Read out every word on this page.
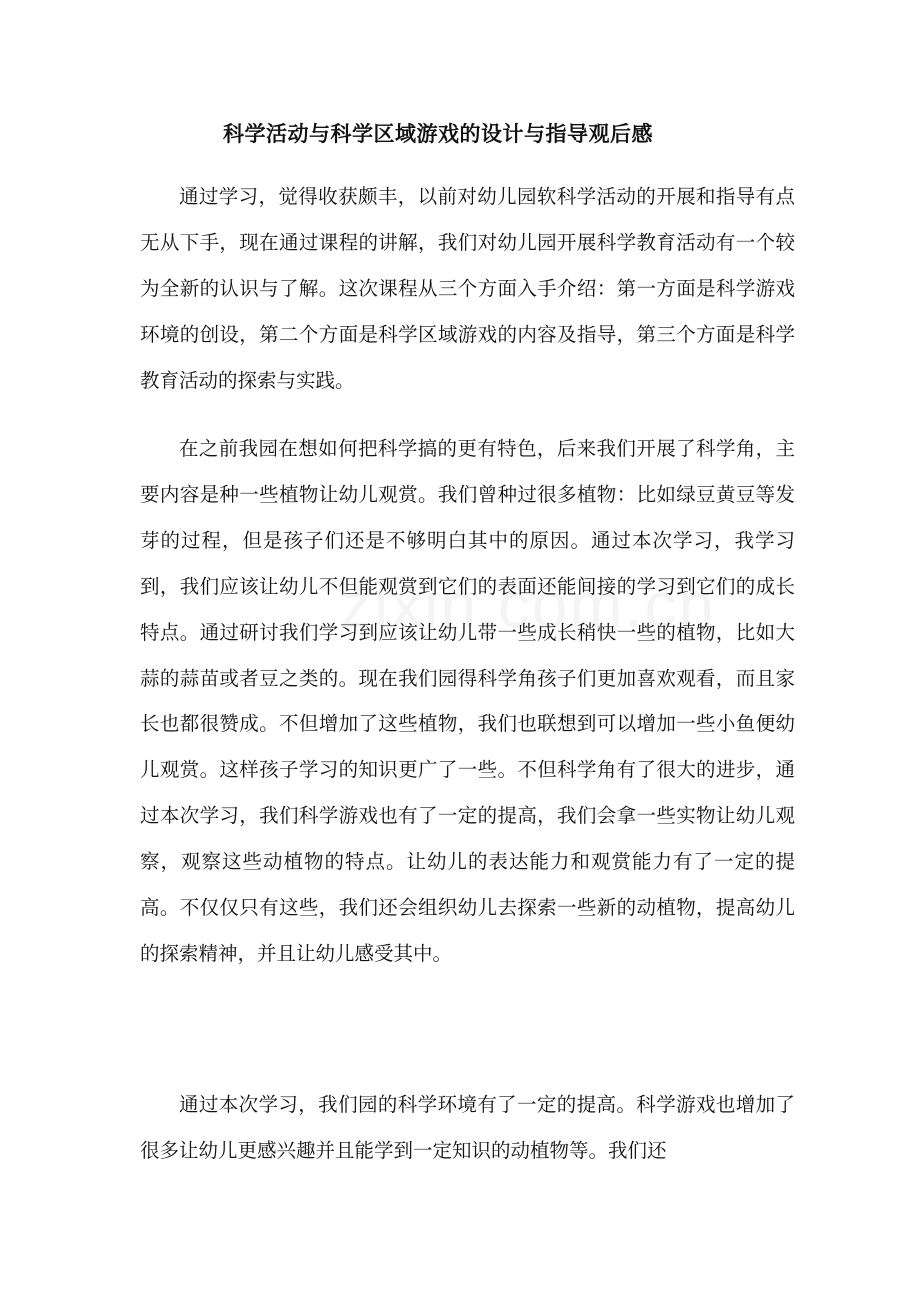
科学活动与科学区域游戏的设计与指导观后感

通过学习，觉得收获颇丰，以前对幼儿园软科学活动的开展和指导有点无从下手，现在通过课程的讲解，我们对幼儿园开展科学教育活动有一个较为全新的认识与了解。这次课程从三个方面入手介绍：第一方面是科学游戏环境的创设，第二个方面是科学区域游戏的内容及指导，第三个方面是科学教育活动的探索与实践。

在之前我园在想如何把科学搞的更有特色，后来我们开展了科学角，主要内容是种一些植物让幼儿观赏。我们曾种过很多植物：比如绿豆黄豆等发芽的过程，但是孩子们还是不够明白其中的原因。通过本次学习，我学习到，我们应该让幼儿不但能观赏到它们的表面还能间接的学习到它们的成长特点。通过研讨我们学习到应该让幼儿带一些成长稍快一些的植物，比如大蒜的蒜苗或者豆之类的。现在我们园得科学角孩子们更加喜欢观看，而且家长也都很赞成。不但增加了这些植物，我们也联想到可以增加一些小鱼便幼儿观赏。这样孩子学习的知识更广了一些。不但科学角有了很大的进步，通过本次学习，我们科学游戏也有了一定的提高，我们会拿一些实物让幼儿观察，观察这些动植物的特点。让幼儿的表达能力和观赏能力有了一定的提高。不仅仅只有这些，我们还会组织幼儿去探索一些新的动植物，提高幼儿的探索精神，并且让幼儿感受其中。

通过本次学习，我们园的科学环境有了一定的提高。科学游戏也增加了很多让幼儿更感兴趣并且能学到一定知识的动植物等。我们还
